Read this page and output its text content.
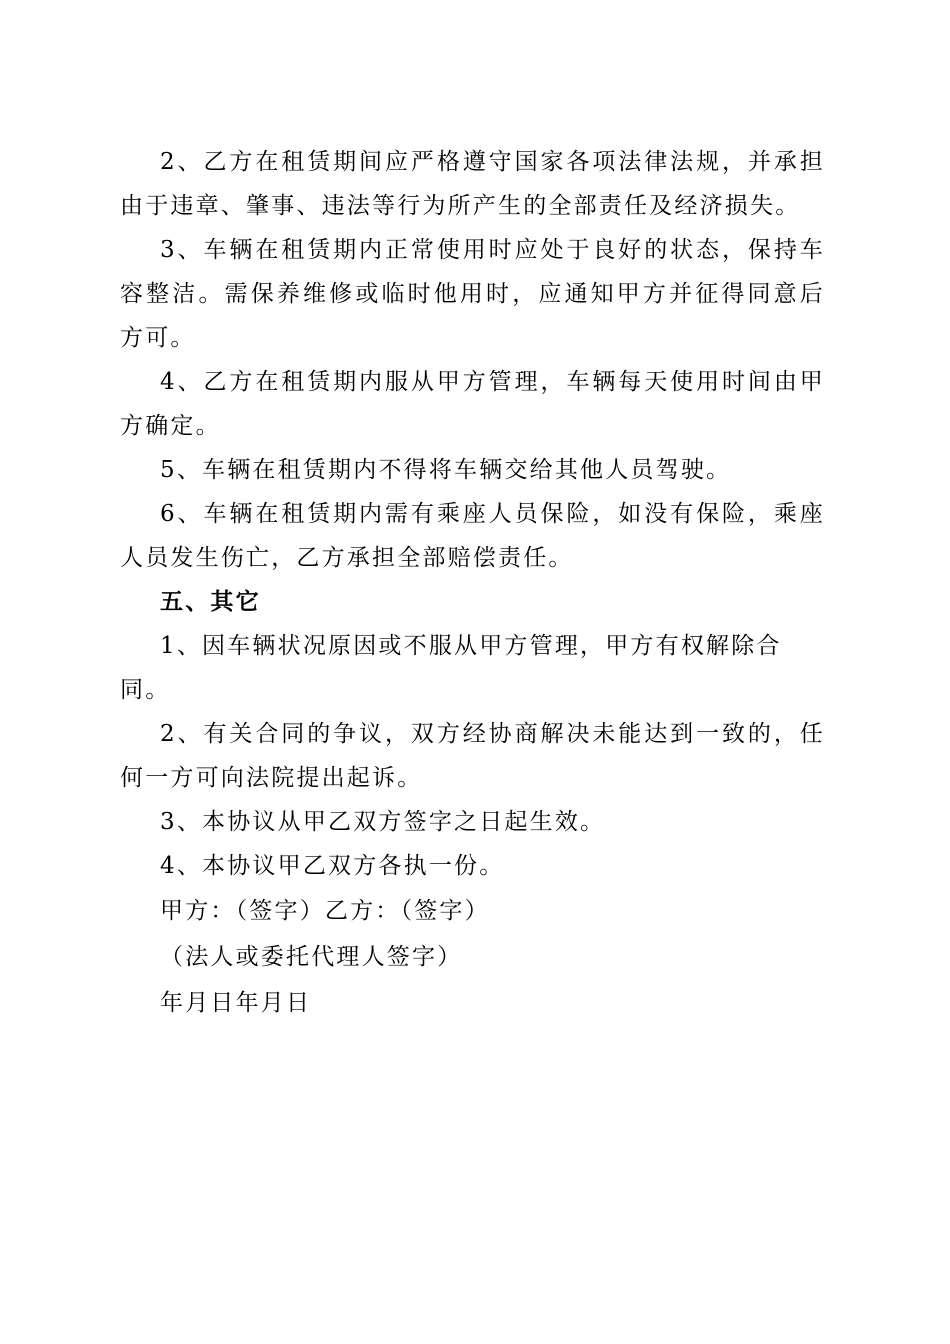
2、乙方在租赁期间应严格遵守国家各项法律法规，并承担由于违章、肇事、违法等行为所产生的全部责任及经济损失。

3、车辆在租赁期内正常使用时应处于良好的状态，保持车容整洁。需保养维修或临时他用时，应通知甲方并征得同意后方可。

4、乙方在租赁期内服从甲方管理，车辆每天使用时间由甲方确定。

5、车辆在租赁期内不得将车辆交给其他人员驾驶。

6、车辆在租赁期内需有乘座人员保险，如没有保险，乘座人员发生伤亡，乙方承担全部赔偿责任。

五、其它

1、因车辆状况原因或不服从甲方管理，甲方有权解除合同。

2、有关合同的争议，双方经协商解决未能达到一致的，任何一方可向法院提出起诉。

3、本协议从甲乙双方签字之日起生效。

4、本协议甲乙双方各执一份。

甲方：（签字）乙方：（签字）

（法人或委托代理人签字）

年月日年月日
